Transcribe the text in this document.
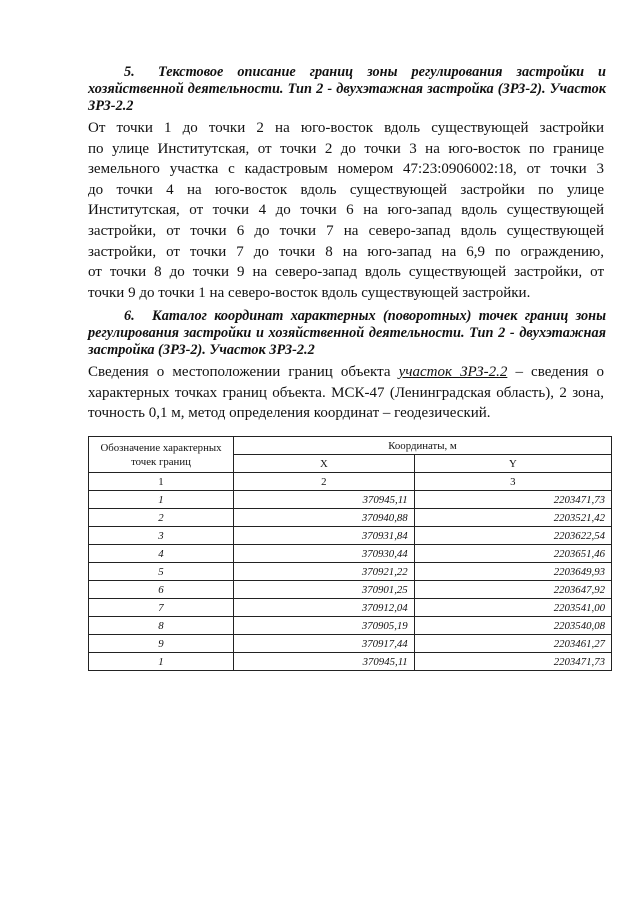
5. Текстовое описание границ зоны регулирования застройки и хозяйственной деятельности. Тип 2 - двухэтажная застройка (ЗРЗ-2). Участок ЗРЗ-2.2
От точки 1 до точки 2 на юго-восток вдоль существующей застройки
по улице Институтская, от точки 2 до точки 3 на юго-восток по границе
земельного участка с кадастровым номером 47:23:0906002:18, от точки 3
до точки 4 на юго-восток вдоль существующей застройки по улице
Институтская, от точки 4 до точки 6 на юго-запад вдоль существующей
застройки, от точки 6 до точки 7 на северо-запад вдоль существующей
застройки, от точки 7 до точки 8 на юго-запад на 6,9 по ограждению,
от точки 8 до точки 9 на северо-запад вдоль существующей застройки, от
точки 9 до точки 1 на северо-восток вдоль существующей застройки.
6. Каталог координат характерных (поворотных) точек границ зоны регулирования застройки и хозяйственной деятельности. Тип 2 - двухэтажная застройка (ЗРЗ-2). Участок ЗРЗ-2.2
Сведения о местоположении границ объекта участок ЗРЗ-2.2 – сведения о характерных точках границ объекта. МСК-47 (Ленинградская область), 2 зона, точность 0,1 м, метод определения координат – геодезический.
Обозначение характерных точек границ	Координаты, м	
	X	Y
1	2	3
1	370945,11	2203471,73
2	370940,88	2203521,42
3	370931,84	2203622,54
4	370930,44	2203651,46
5	370921,22	2203649,93
6	370901,25	2203647,92
7	370912,04	2203541,00
8	370905,19	2203540,08
9	370917,44	2203461,27
1	370945,11	2203471,73
